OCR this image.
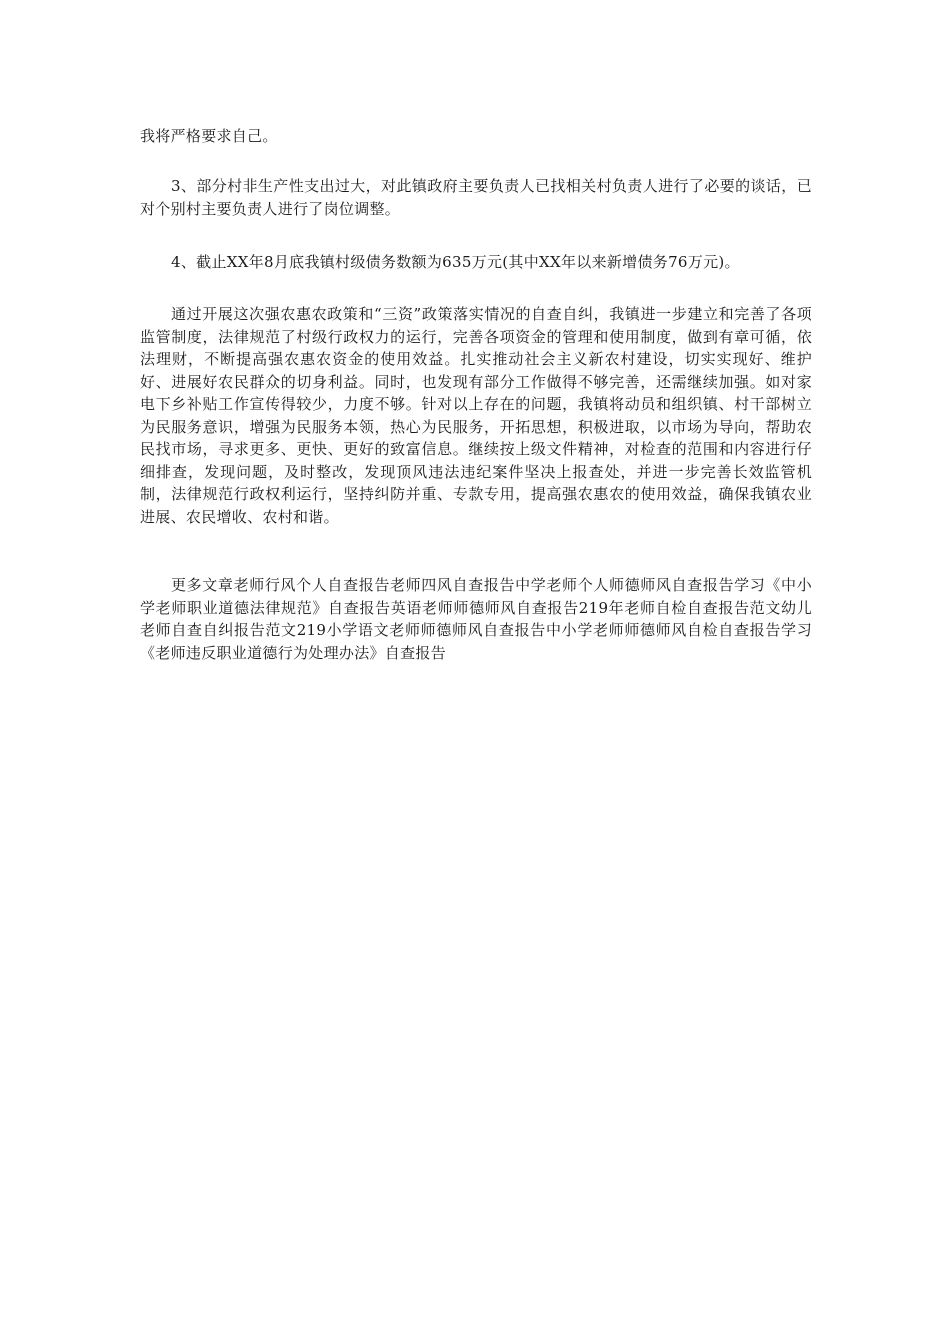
我将严格要求自己。

3、部分村非生产性支出过大，对此镇政府主要负责人已找相关村负责人进行了必要的谈话，已对个别村主要负责人进行了岗位调整。

4、截止XX年8月底我镇村级债务数额为635万元(其中XX年以来新增债务76万元)。

通过开展这次强农惠农政策和“三资”政策落实情况的自查自纠，我镇进一步建立和完善了各项监管制度，法律规范了村级行政权力的运行，完善各项资金的管理和使用制度，做到有章可循，依法理财，不断提高强农惠农资金的使用效益。扎实推动社会主义新农村建设，切实实现好、维护好、进展好农民群众的切身利益。同时，也发现有部分工作做得不够完善，还需继续加强。如对家电下乡补贴工作宣传得较少，力度不够。针对以上存在的问题，我镇将动员和组织镇、村干部树立为民服务意识，增强为民服务本领，热心为民服务，开拓思想，积极进取，以市场为导向，帮助农民找市场，寻求更多、更快、更好的致富信息。继续按上级文件精神，对检查的范围和内容进行仔细排查，发现问题，及时整改，发现顶风违法违纪案件坚决上报查处，并进一步完善长效监管机制，法律规范行政权利运行，坚持纠防并重、专款专用，提高强农惠农的使用效益，确保我镇农业进展、农民增收、农村和谐。

更多文章老师行风个人自查报告老师四风自查报告中学老师个人师德师风自查报告学习《中小学老师职业道德法律规范》自查报告英语老师师德师风自查报告219年老师自检自查报告范文幼儿老师自查自纠报告范文219小学语文老师师德师风自查报告中小学老师师德师风自检自查报告学习《老师违反职业道德行为处理办法》自查报告
